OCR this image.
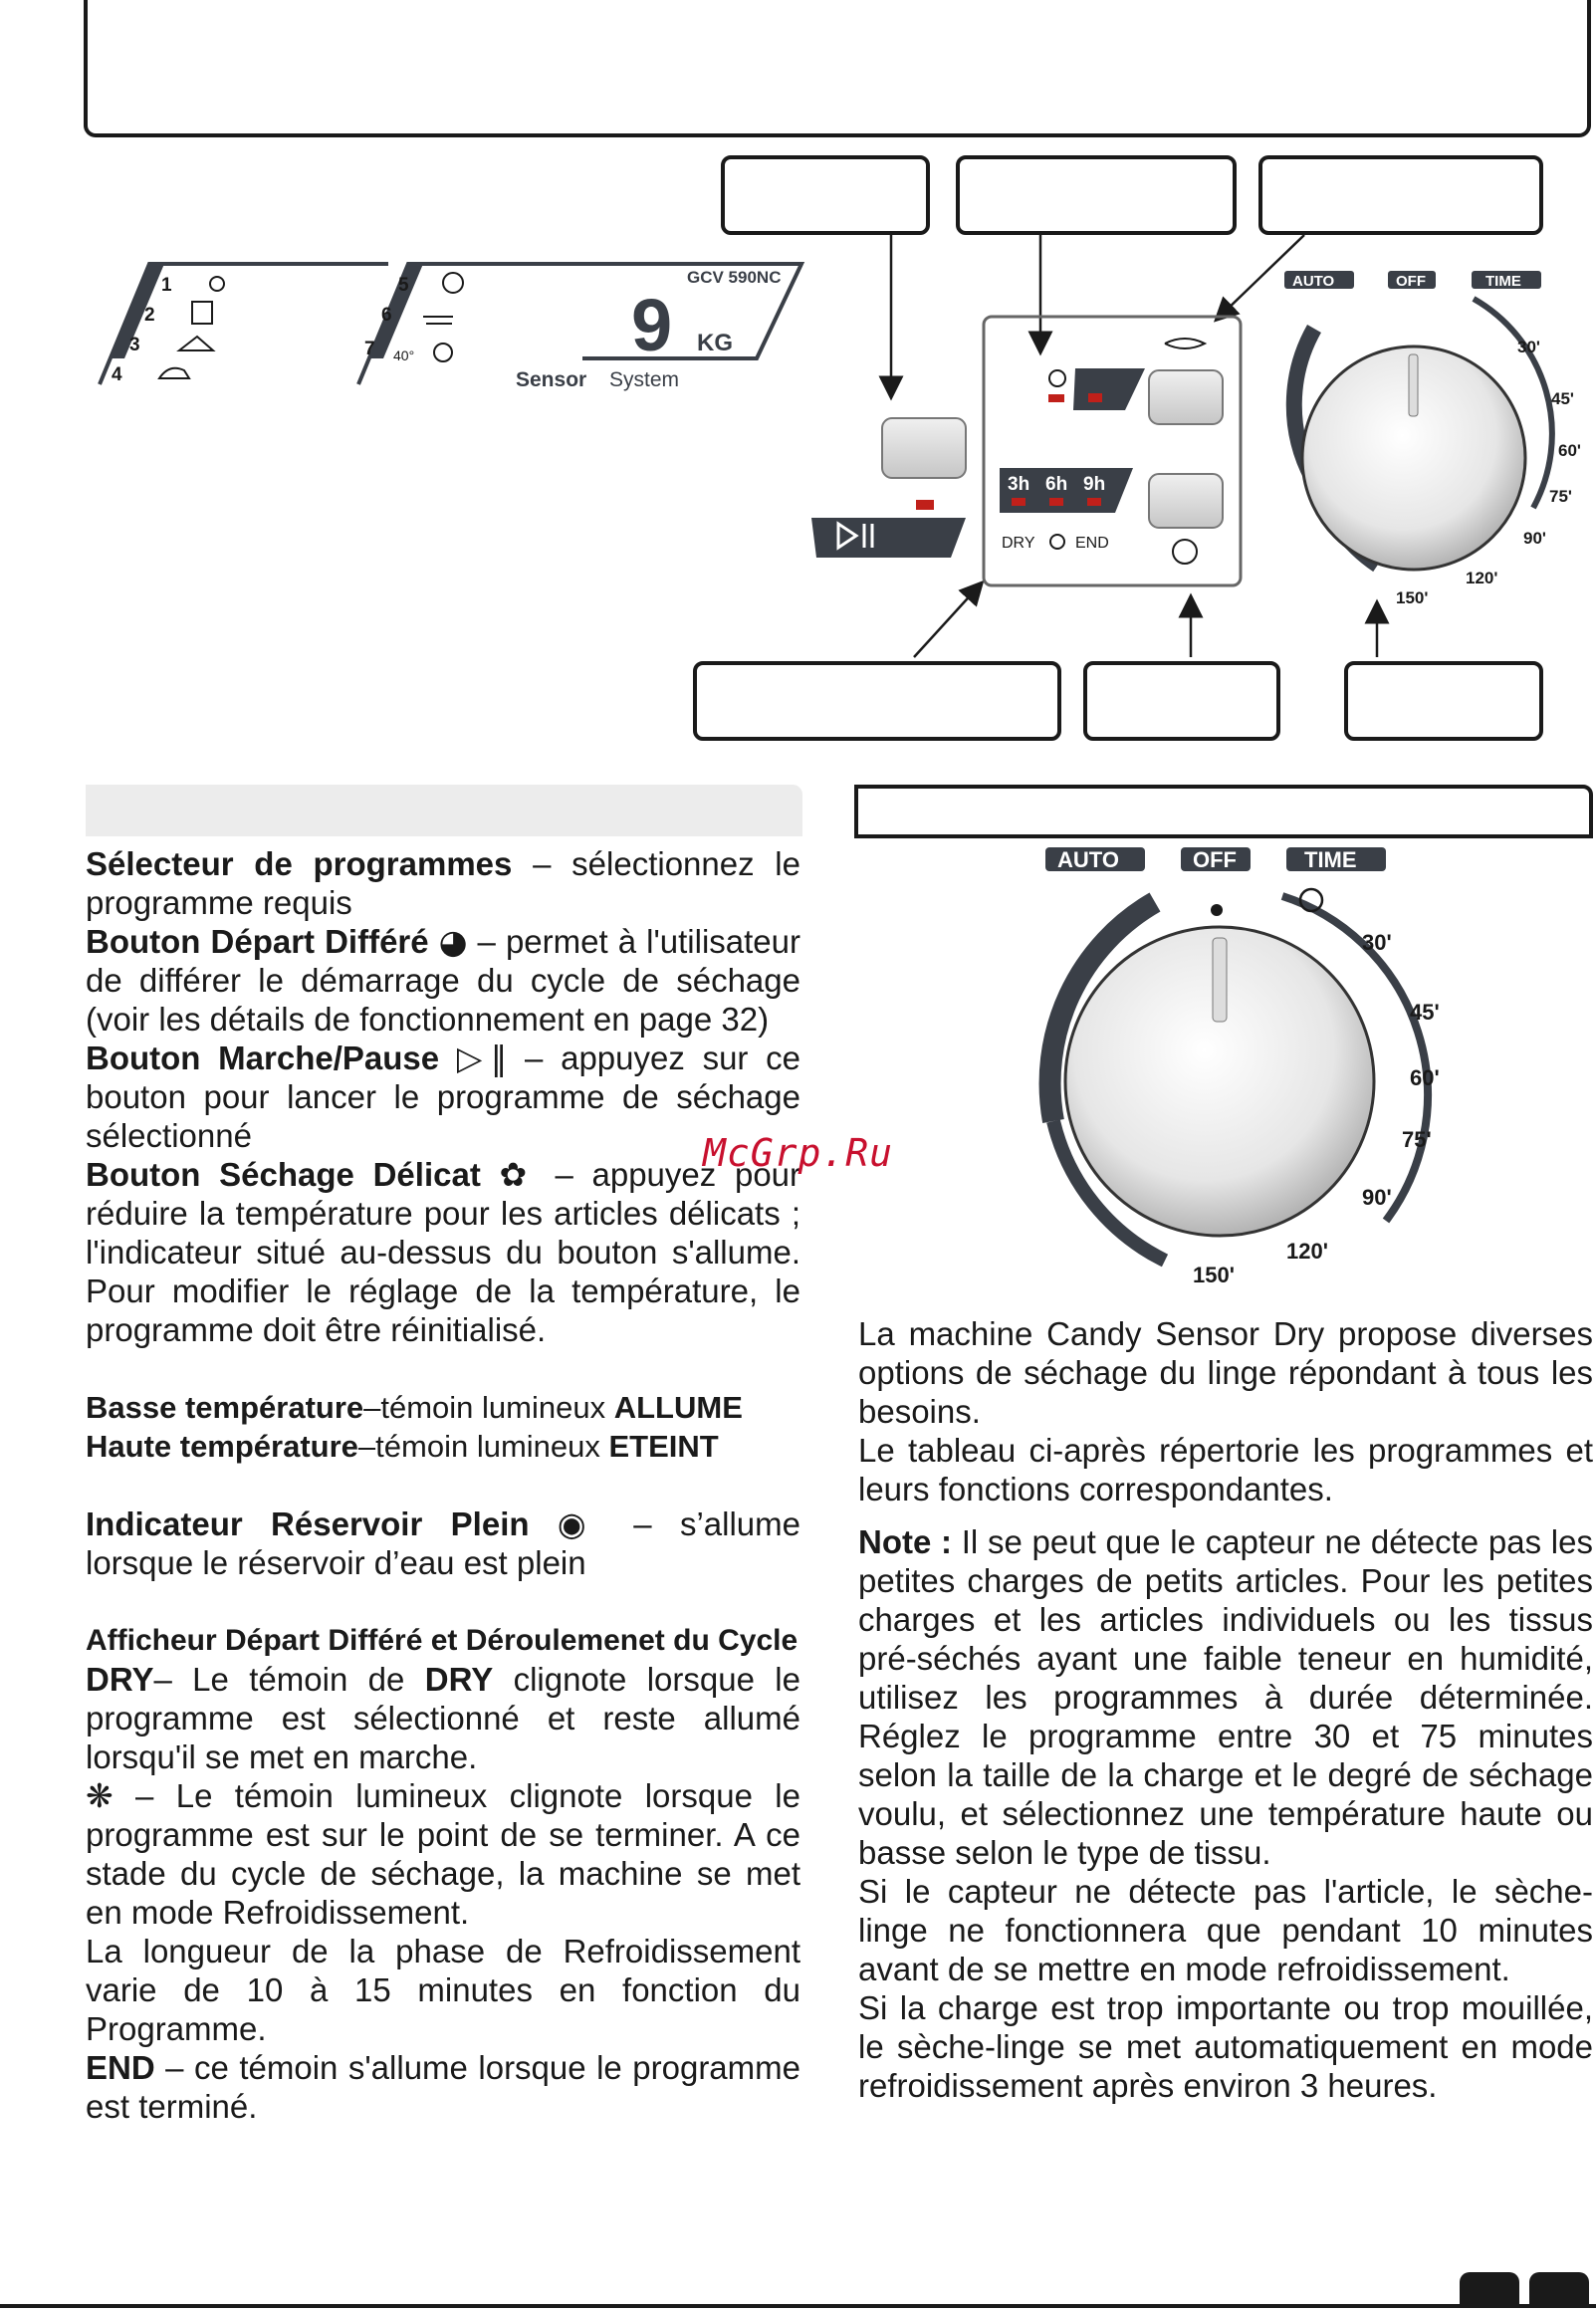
1
2
3
4
5
6
7 40°
GCV 590NC
9 KG
Sensor System
3h 6h 9h
DRY	END
AUTO	OFF	TIME
30'
45'
60'
75'
90'
120'
150'
AUTO	OFF	TIME
30'
45'
60'
75'
90'
120'
150'

Sélecteur de programmes – sélectionnez le programme requis

Bouton Départ Différé ◕ – permet à l'utilisateur de différer le démarrage du cycle de séchage (voir les détails de fonctionnement en page 32)

Bouton Marche/Pause ▷‖ – appuyez sur ce bouton pour lancer le programme de séchage sélectionné

Bouton Séchage Délicat ✿ – appuyez pour réduire la température pour les articles délicats ; l'indicateur situé au-dessus du bouton s'allume. Pour modifier le réglage de la température, le programme doit être réinitialisé.

Basse température–témoin lumineux ALLUME

Haute température–témoin lumineux ETEINT

Indicateur Réservoir Plein ◉ – s’allume lorsque le réservoir d’eau est plein

Afficheur Départ Différé et Déroulemenet du Cycle

DRY– Le témoin de DRY clignote lorsque le programme est sélectionné et reste allumé lorsqu'il se met en marche.

❋ – Le témoin lumineux clignote lorsque le programme est sur le point de se terminer. A ce stade du cycle de séchage, la machine se met en mode Refroidissement.

La longueur de la phase de Refroidissement varie de 10 à 15 minutes en fonction du Programme.

END – ce témoin s'allume lorsque le programme est terminé.

McGrp.Ru

La machine Candy Sensor Dry propose diverses options de séchage du linge répondant à tous les besoins.

Le tableau ci-après répertorie les programmes et leurs fonctions correspondantes.

Note : Il se peut que le capteur ne détecte pas les petites charges de petits articles. Pour les petites charges et les articles individuels ou les tissus pré-séchés ayant une faible teneur en humidité, utilisez les programmes à durée déterminée. Réglez le programme entre 30 et 75 minutes selon la taille de la charge et le degré de séchage voulu, et sélectionnez une température haute ou basse selon le type de tissu.

Si le capteur ne détecte pas l'article, le sèche-linge ne fonctionnera que pendant 10 minutes avant de se mettre en mode refroidissement.

Si la charge est trop importante ou trop mouillée, le sèche-linge se met automatiquement en mode refroidissement après environ 3 heures.
